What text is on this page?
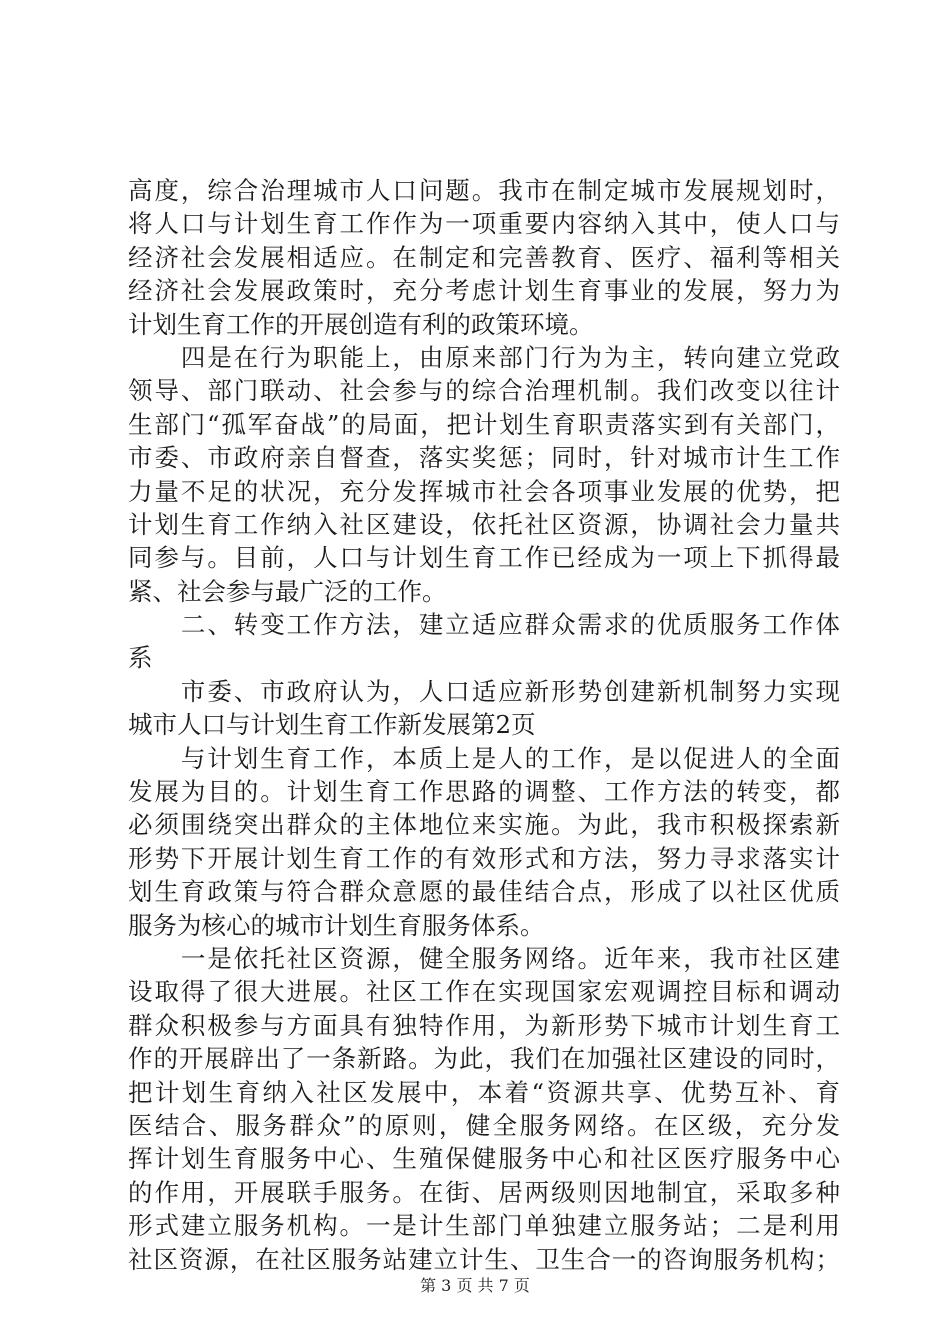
高度，综合治理城市人口问题。我市在制定城市发展规划时，
将人口与计划生育工作作为一项重要内容纳入其中，使人口与
经济社会发展相适应。在制定和完善教育、医疗、福利等相关
经济社会发展政策时，充分考虑计划生育事业的发展，努力为
计划生育工作的开展创造有利的政策环境。
　　四是在行为职能上，由原来部门行为为主，转向建立党政
领导、部门联动、社会参与的综合治理机制。我们改变以往计
生部门“孤军奋战”的局面，把计划生育职责落实到有关部门，
市委、市政府亲自督查，落实奖惩；同时，针对城市计生工作
力量不足的状况，充分发挥城市社会各项事业发展的优势，把
计划生育工作纳入社区建设，依托社区资源，协调社会力量共
同参与。目前，人口与计划生育工作已经成为一项上下抓得最
紧、社会参与最广泛的工作。
　　二、转变工作方法，建立适应群众需求的优质服务工作体
系
　　市委、市政府认为，人口适应新形势创建新机制努力实现
城市人口与计划生育工作新发展第2页
　　与计划生育工作，本质上是人的工作，是以促进人的全面
发展为目的。计划生育工作思路的调整、工作方法的转变，都
必须围绕突出群众的主体地位来实施。为此，我市积极探索新
形势下开展计划生育工作的有效形式和方法，努力寻求落实计
划生育政策与符合群众意愿的最佳结合点，形成了以社区优质
服务为核心的城市计划生育服务体系。
　　一是依托社区资源，健全服务网络。近年来，我市社区建
设取得了很大进展。社区工作在实现国家宏观调控目标和调动
群众积极参与方面具有独特作用，为新形势下城市计划生育工
作的开展辟出了一条新路。为此，我们在加强社区建设的同时，
把计划生育纳入社区发展中，本着“资源共享、优势互补、育
医结合、服务群众”的原则，健全服务网络。在区级，充分发
挥计划生育服务中心、生殖保健服务中心和社区医疗服务中心
的作用，开展联手服务。在街、居两级则因地制宜，采取多种
形式建立服务机构。一是计生部门单独建立服务站；二是利用
社区资源，在社区服务站建立计生、卫生合一的咨询服务机构；
第 3 页 共 7 页
